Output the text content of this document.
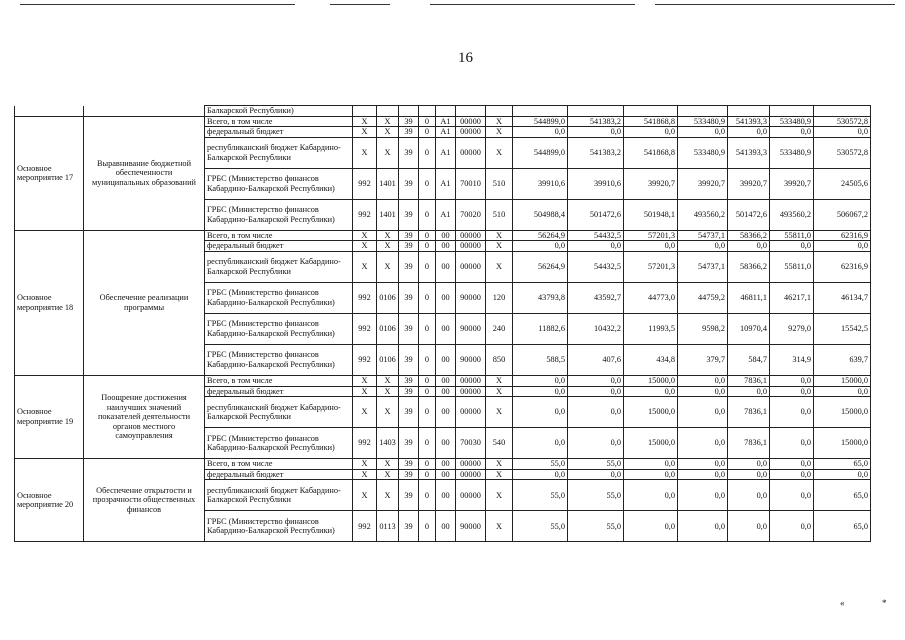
16
		Балкарской Республики)														
Основное мероприятие 17	Выравнивание бюджетной обеспеченности муниципальных образований	Всего, в том числе	Х	Х	39	0	А1	00000	Х	544899,0	541383,2	541868,8	533480,9	541393,3	533480,9	530572,8
		федеральный бюджет	Х	Х	39	0	А1	00000	Х	0,0	0,0	0,0	0,0	0,0	0,0	0,0
		республиканский бюджет Кабардино-Балкарской Республики	Х	Х	39	0	А1	00000	Х	544899,0	541383,2	541868,8	533480,9	541393,3	533480,9	530572,8
		ГРБС (Министерство финансов Кабардино-Балкарской Республики)	992	1401	39	0	А1	70010	510	39910,6	39910,6	39920,7	39920,7	39920,7	39920,7	24505,6
		ГРБС (Министерство финансов Кабардино-Балкарской Республики)	992	1401	39	0	А1	70020	510	504988,4	501472,6	501948,1	493560,2	501472,6	493560,2	506067,2
Основное мероприятие 18	Обеспечение реализации программы	Всего, в том числе	Х	Х	39	0	00	00000	Х	56264,9	54432,5	57201,3	54737,1	58366,2	55811,0	62316,9
		федеральный бюджет	Х	Х	39	0	00	00000	Х	0,0	0,0	0,0	0,0	0,0	0,0	0,0
		республиканский бюджет Кабардино-Балкарской Республики	Х	Х	39	0	00	00000	Х	56264,9	54432,5	57201,3	54737,1	58366,2	55811,0	62316,9
		ГРБС (Министерство финансов Кабардино-Балкарской Республики)	992	0106	39	0	00	90000	120	43793,8	43592,7	44773,0	44759,2	46811,1	46217,1	46134,7
		ГРБС (Министерство финансов Кабардино-Балкарской Республики)	992	0106	39	0	00	90000	240	11882,6	10432,2	11993,5	9598,2	10970,4	9279,0	15542,5
		ГРБС (Министерство финансов Кабардино-Балкарской Республики)	992	0106	39	0	00	90000	850	588,5	407,6	434,8	379,7	584,7	314,9	639,7
Основное мероприятие 19	Поощрение достижения наилучших значений показателей деятельности органов местного самоуправления	Всего, в том числе	Х	Х	39	0	00	00000	Х	0,0	0,0	15000,0	0,0	7836,1	0,0	15000,0
		федеральный бюджет	Х	Х	39	0	00	00000	Х	0,0	0,0	0,0	0,0	0,0	0,0	0,0
		республиканский бюджет Кабардино-Балкарской Республики	Х	Х	39	0	00	00000	Х	0,0	0,0	15000,0	0,0	7836,1	0,0	15000,0
		ГРБС (Министерство финансов Кабардино-Балкарской Республики)	992	1403	39	0	00	70030	540	0,0	0,0	15000,0	0,0	7836,1	0,0	15000,0
Основное мероприятие 20	Обеспечение открытости и прозрачности общественных финансов	Всего, в том числе	Х	Х	39	0	00	00000	Х	55,0	55,0	0,0	0,0	0,0	0,0	65,0
		федеральный бюджет	Х	Х	39	0	00	00000	Х	0,0	0,0	0,0	0,0	0,0	0,0	0,0
		республиканский бюджет Кабардино-Балкарской Республики	Х	Х	39	0	00	00000	Х	55,0	55,0	0,0	0,0	0,0	0,0	65,0
		ГРБС (Министерство финансов Кабардино-Балкарской Республики)	992	0113	39	0	00	90000	Х	55,0	55,0	0,0	0,0	0,0	0,0	65,0
«	*
